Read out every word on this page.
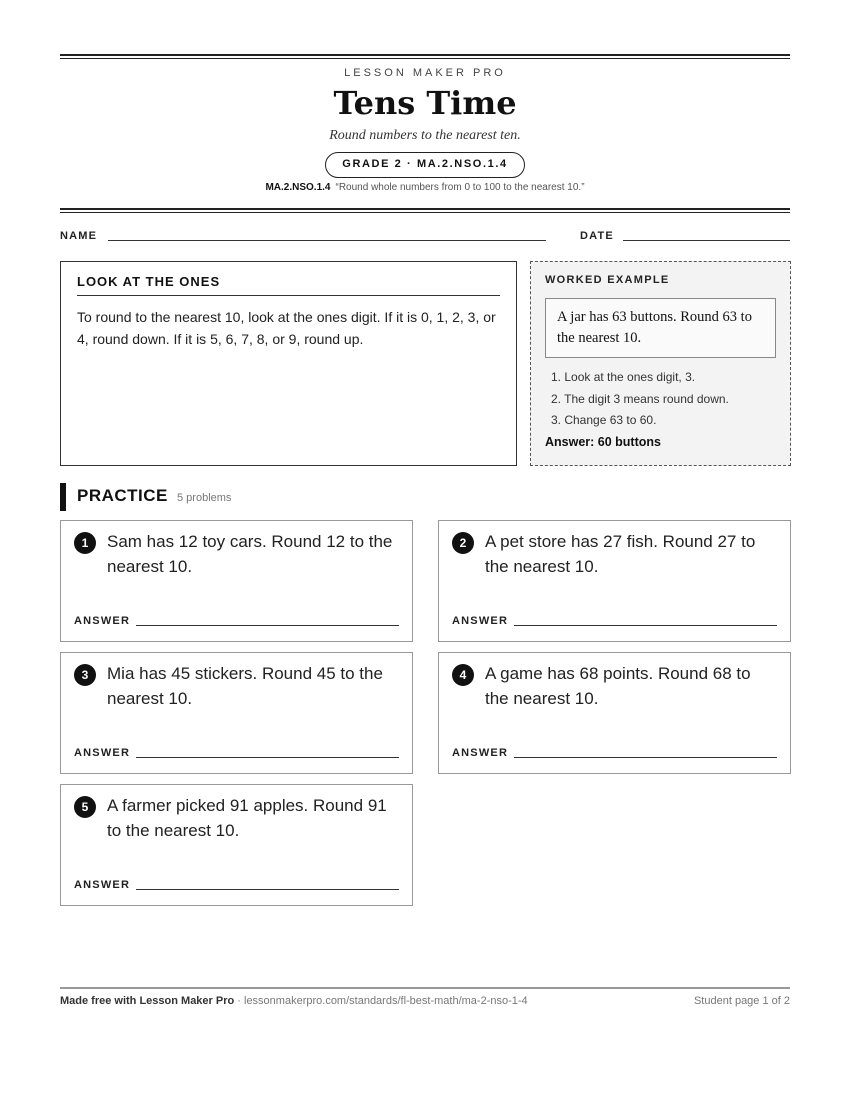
LESSON MAKER PRO
Tens Time
Round numbers to the nearest ten.
GRADE 2 · MA.2.NSO.1.4
MA.2.NSO.1.4 “Round whole numbers from 0 to 100 to the nearest 10.”
NAME	DATE
LOOK AT THE ONES
To round to the nearest 10, look at the ones digit. If it is 0, 1, 2, 3, or 4, round down. If it is 5, 6, 7, 8, or 9, round up.
WORKED EXAMPLE
A jar has 63 buttons. Round 63 to the nearest 10.
1. Look at the ones digit, 3.
2. The digit 3 means round down.
3. Change 63 to 60.
Answer: 60 buttons
PRACTICE 5 problems
1	Sam has 12 toy cars. Round 12 to the nearest 10.
ANSWER
2	A pet store has 27 fish. Round 27 to the nearest 10.
ANSWER
3	Mia has 45 stickers. Round 45 to the nearest 10.
ANSWER
4	A game has 68 points. Round 68 to the nearest 10.
ANSWER
5	A farmer picked 91 apples. Round 91 to the nearest 10.
ANSWER
Made free with Lesson Maker Pro · lessonmakerpro.com/standards/fl-best-math/ma-2-nso-1-4	Student page 1 of 2
